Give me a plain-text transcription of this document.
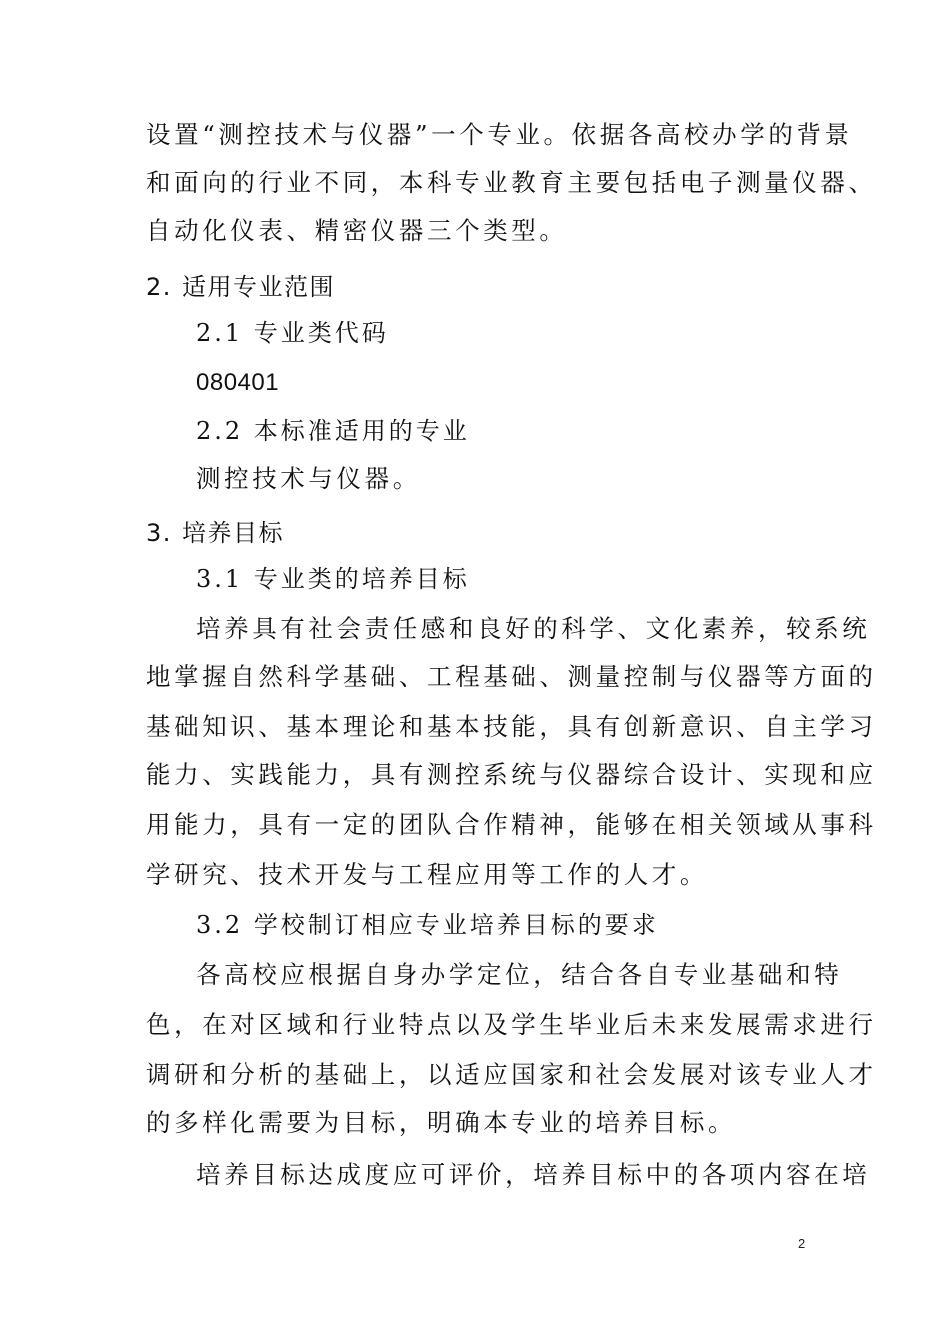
设置“测控技术与仪器”一个专业。依据各高校办学的背景
和面向的行业不同，本科专业教育主要包括电子测量仪器、
自动化仪表、精密仪器三个类型。
2. 适用专业范围
2.1 专业类代码
080401
2.2 本标准适用的专业
测控技术与仪器。
3. 培养目标
3.1 专业类的培养目标
培养具有社会责任感和良好的科学、文化素养，较系统
地掌握自然科学基础、工程基础、测量控制与仪器等方面的
基础知识、基本理论和基本技能，具有创新意识、自主学习
能力、实践能力，具有测控系统与仪器综合设计、实现和应
用能力，具有一定的团队合作精神，能够在相关领域从事科
学研究、技术开发与工程应用等工作的人才。
3.2 学校制订相应专业培养目标的要求
各高校应根据自身办学定位，结合各自专业基础和特
色，在对区域和行业特点以及学生毕业后未来发展需求进行
调研和分析的基础上，以适应国家和社会发展对该专业人才
的多样化需要为目标，明确本专业的培养目标。
培养目标达成度应可评价，培养目标中的各项内容在培
2
